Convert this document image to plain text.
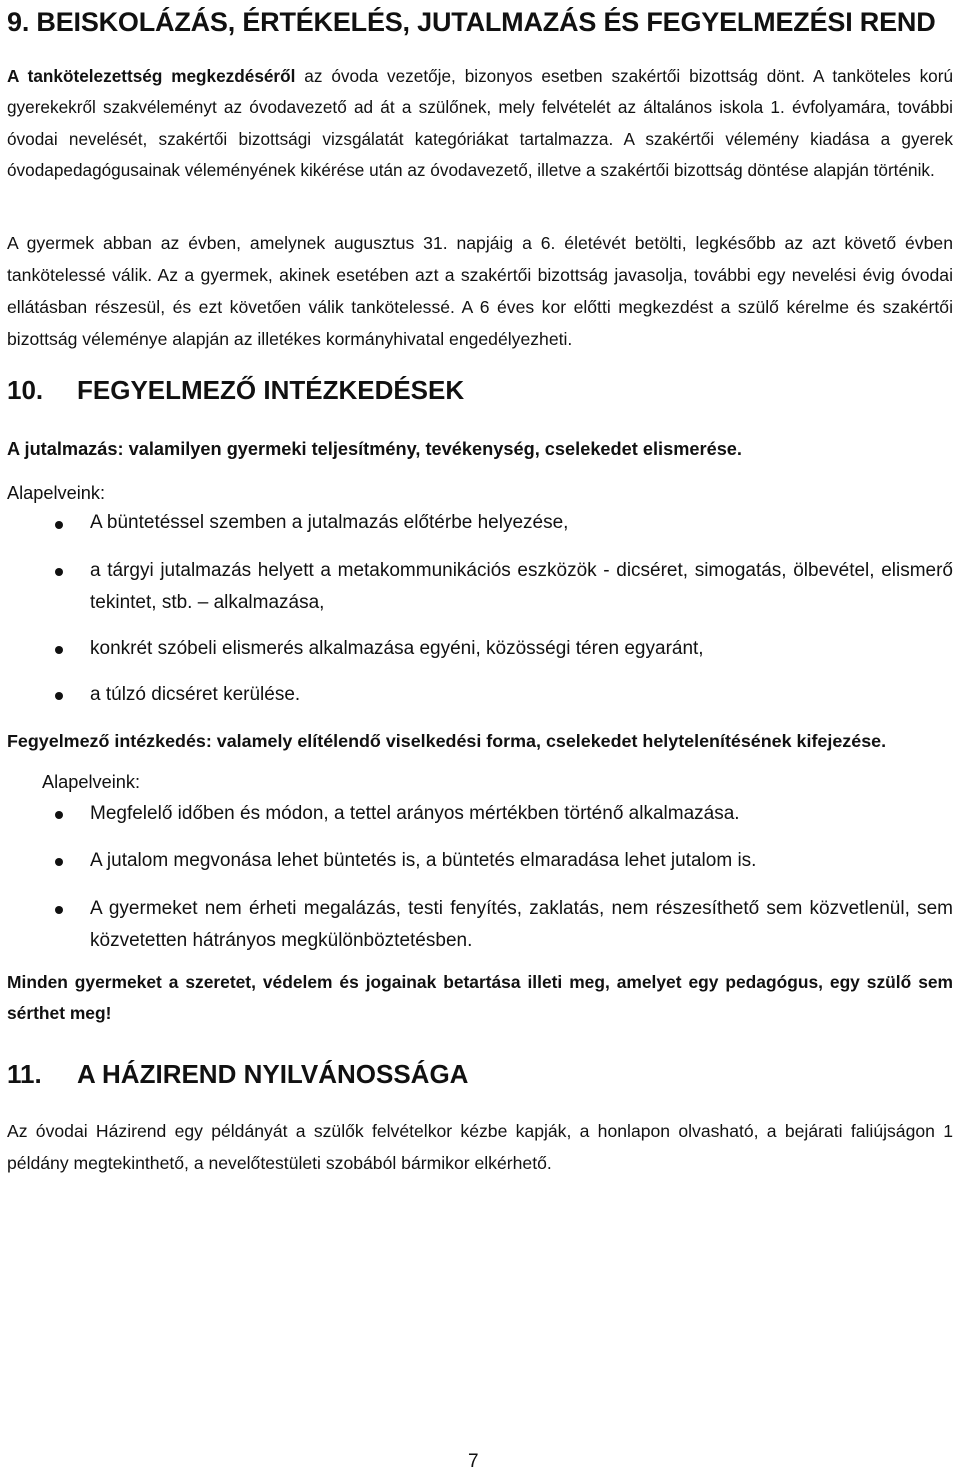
9. BEISKOLÁZÁS, ÉRTÉKELÉS, JUTALMAZÁS ÉS FEGYELMEZÉSI REND

A tankötelezettség megkezdéséről az óvoda vezetője, bizonyos esetben szakértői bizottság dönt. A tanköteles korú gyerekekről szakvéleményt az óvodavezető ad át a szülőnek, mely felvételét az általános iskola 1. évfolyamára, további óvodai nevelését, szakértői bizottsági vizsgálatát kategóriákat tartalmazza. A szakértői vélemény kiadása a gyerek óvodapedagógusainak véleményének kikérése után az óvodavezető, illetve a szakértői bizottság döntése alapján történik.

A gyermek abban az évben, amelynek augusztus 31. napjáig a 6. életévét betölti, legkésőbb az azt követő évben tankötelessé válik. Az a gyermek, akinek esetében azt a szakértői bizottság javasolja, további egy nevelési évig óvodai ellátásban részesül, és ezt követően válik tankötelessé. A 6 éves kor előtti megkezdést a szülő kérelme és szakértői bizottság véleménye alapján az illetékes kormányhivatal engedélyezheti.

10. FEGYELMEZŐ INTÉZKEDÉSEK

A jutalmazás: valamilyen gyermeki teljesítmény, tevékenység, cselekedet elismerése.

Alapelveink:

A büntetéssel szemben a jutalmazás előtérbe helyezése,

a tárgyi jutalmazás helyett a metakommunikációs eszközök - dicséret, simogatás, ölbevétel, elismerő tekintet, stb. – alkalmazása,

konkrét szóbeli elismerés alkalmazása egyéni, közösségi téren egyaránt,

a túlzó dicséret kerülése.

Fegyelmező intézkedés: valamely elítélendő viselkedési forma, cselekedet helytelenítésének kifejezése.

Alapelveink:

Megfelelő időben és módon, a tettel arányos mértékben történő alkalmazása.

A jutalom megvonása lehet büntetés is, a büntetés elmaradása lehet jutalom is.

A gyermeket nem érheti megalázás, testi fenyítés, zaklatás, nem részesíthető sem közvetlenül, sem közvetetten hátrányos megkülönböztetésben.

Minden gyermeket a szeretet, védelem és jogainak betartása illeti meg, amelyet egy pedagógus, egy szülő sem sérthet meg!

11. A HÁZIREND NYILVÁNOSSÁGA

Az óvodai Házirend egy példányát a szülők felvételkor kézbe kapják, a honlapon olvasható, a bejárati faliújságon 1 példány megtekinthető, a nevelőtestületi szobából bármikor elkérhető.

7
